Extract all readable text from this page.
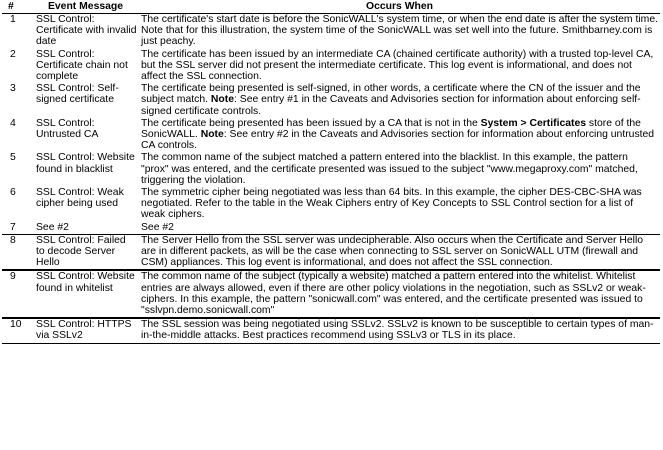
#	Event Message	Occurs When
1	SSL Control: Certificate with invalid date	The certificate's start date is before the SonicWALL's system time, or when the end date is after the system time. Note that for this illustration, the system time of the SonicWALL was set well into the future. Smithbarney.com is just peachy.
2	SSL Control: Certificate chain not complete	The certificate has been issued by an intermediate CA (chained certificate authority) with a trusted top-level CA, but the SSL server did not present the intermediate certificate. This log event is informational, and does not affect the SSL connection.
3	SSL Control: Self-signed certificate	The certificate being presented is self-signed, in other words, a certificate where the CN of the issuer and the subject match. Note: See entry #1 in the Caveats and Advisories section for information about enforcing self-signed certificate controls.
4	SSL Control: Untrusted CA	The certificate being presented has been issued by a CA that is not in the System > Certificates store of the SonicWALL. Note: See entry #2 in the Caveats and Advisories section for information about enforcing untrusted CA controls.
5	SSL Control: Website found in blacklist	The common name of the subject matched a pattern entered into the blacklist. In this example, the pattern "prox" was entered, and the certificate presented was issued to the subject "www.megaproxy.com" matched, triggering the violation.
6	SSL Control: Weak cipher being used	The symmetric cipher being negotiated was less than 64 bits. In this example, the cipher DES-CBC-SHA was negotiated. Refer to the table in the Weak Ciphers entry of Key Concepts to SSL Control section for a list of weak ciphers.
7	See #2	See #2
8	SSL Control: Failed to decode Server Hello	The Server Hello from the SSL server was undecipherable. Also occurs when the Certificate and Server Hello are in different packets, as will be the case when connecting to SSL server on SonicWALL UTM (firewall and CSM) appliances. This log event is informational, and does not affect the SSL connection.
9	SSL Control: Website found in whitelist	The common name of the subject (typically a website) matched a pattern entered into the whitelist. Whitelist entries are always allowed, even if there are other policy violations in the negotiation, such as SSLv2 or weak-ciphers. In this example, the pattern "sonicwall.com" was entered, and the certificate presented was issued to "sslvpn.demo.sonicwall.com"
10	SSL Control: HTTPS via SSLv2	The SSL session was being negotiated using SSLv2. SSLv2 is known to be susceptible to certain types of man-in-the-middle attacks. Best practices recommend using SSLv3 or TLS in its place.
